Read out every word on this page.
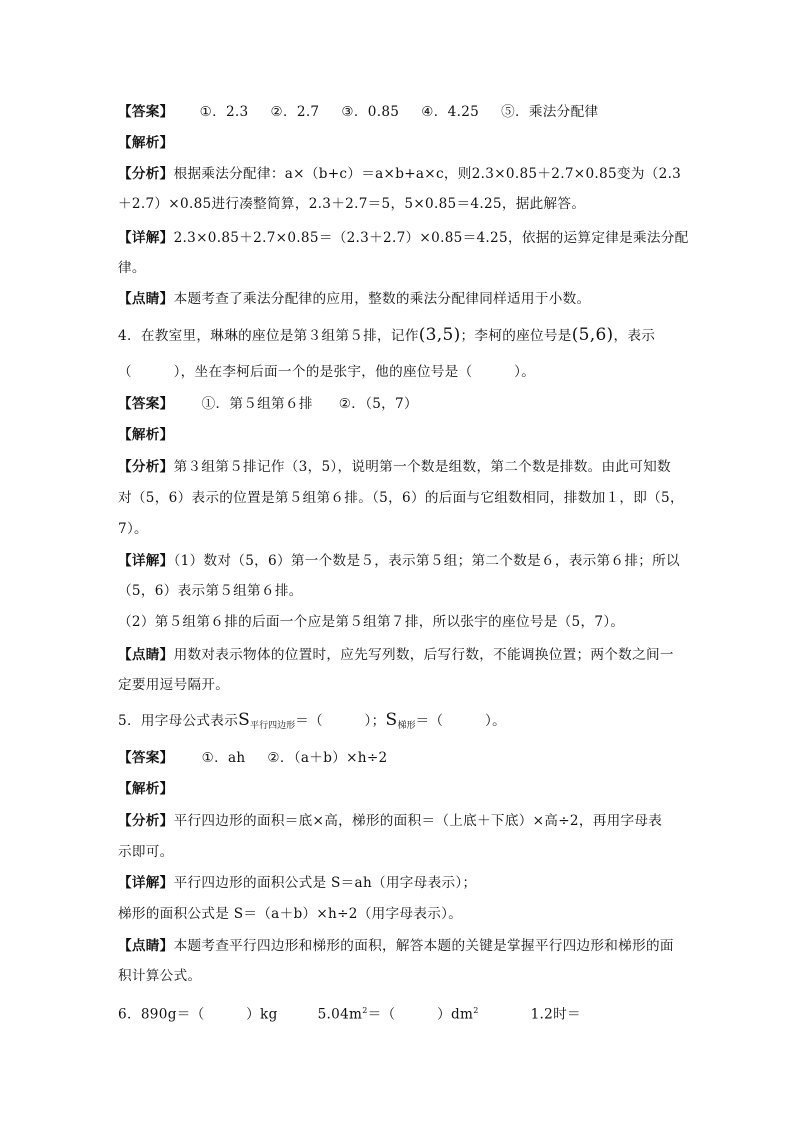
【答案】 ①．2.3 ②．2.7 ③．0.85 ④．4.25 ⑤．乘法分配律
【解析】
【分析】根据乘法分配律：a×（b+c）＝a×b+a×c，则2.3×0.85＋2.7×0.85变为（2.3
＋2.7）×0.85进行凑整简算，2.3＋2.7＝5，5×0.85＝4.25，据此解答。
【详解】2.3×0.85＋2.7×0.85＝（2.3＋2.7）×0.85＝4.25，依据的运算定律是乘法分配
律。
【点睛】本题考查了乘法分配律的应用，整数的乘法分配律同样适用于小数。
4．在教室里，琳琳的座位是第３组第５排，记作(3,5)；李柯的座位号是(5,6)，表示
（　　　），坐在李柯后面一个的是张宇，他的座位号是（　　　）。
【答案】 ①．第５组第６排 ②．（5，7）
【解析】
【分析】第３组第５排记作（3，5），说明第一个数是组数，第二个数是排数。由此可知数
对（5，6）表示的位置是第５组第６排。（5，6）的后面与它组数相同，排数加１，即（5，
7）。
【详解】（1）数对（5，6）第一个数是５，表示第５组；第二个数是６，表示第６排；所以
（5，6）表示第５组第６排。
（2）第５组第６排的后面一个应是第５组第７排，所以张宇的座位号是（5，7）。
【点睛】用数对表示物体的位置时，应先写列数，后写行数，不能调换位置；两个数之间一
定要用逗号隔开。
5．用字母公式表示$S_{平行四边形}=$（　　　）；$S_{梯形}=$（　　　）。
【答案】 ①．ah ②．（a＋b）×h÷2
【解析】
【分析】平行四边形的面积＝底×高，梯形的面积＝（上底＋下底）×高÷2，再用字母表
示即可。
【详解】平行四边形的面积公式是 S＝ah（用字母表示）；
梯形的面积公式是 S＝（a＋b）×h÷2（用字母表示）。
【点睛】本题考查平行四边形和梯形的面积，解答本题的关键是掌握平行四边形和梯形的面
积计算公式。
6．890g＝（　　　）kg	$5.04m^2=$（　　　）$dm^2$	1.2时＝
